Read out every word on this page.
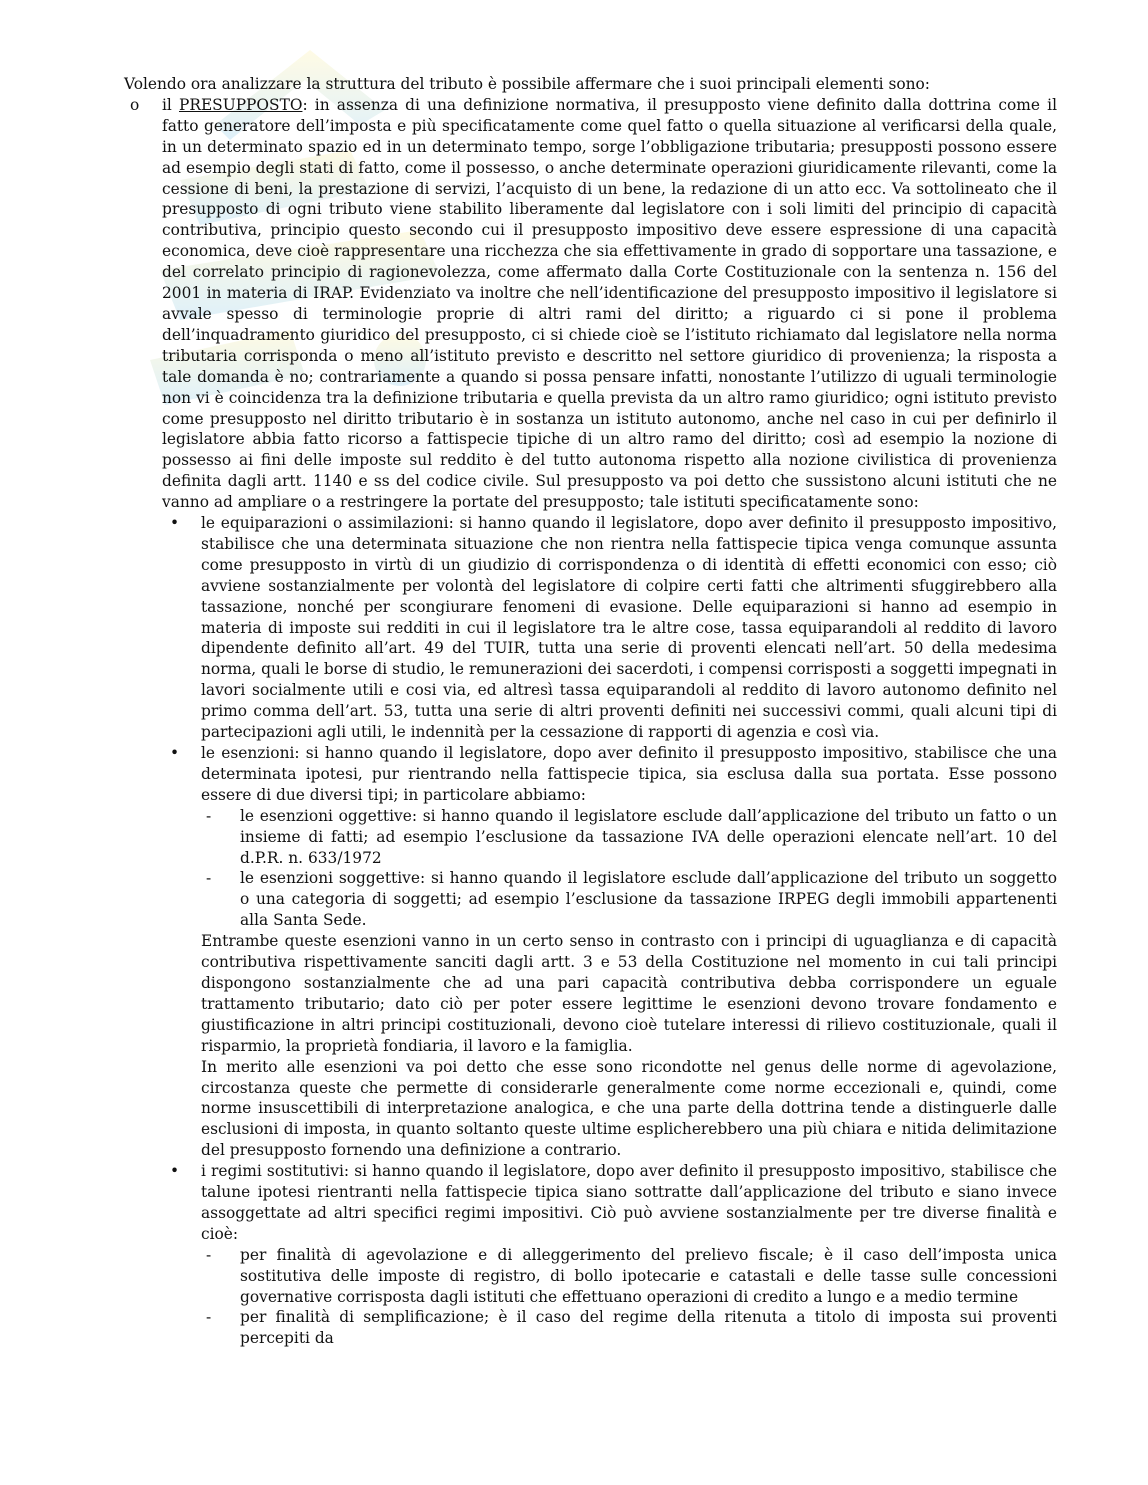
Volendo ora analizzare la struttura del tributo è possibile affermare che i suoi principali elementi sono:

o il PRESUPPOSTO: in assenza di una definizione normativa, il presupposto viene definito dalla dottrina come il fatto generatore dell’imposta e più specificatamente come quel fatto o quella situazione al verificarsi della quale, in un determinato spazio ed in un determinato tempo, sorge l’obbligazione tributaria; presupposti possono essere ad esempio degli stati di fatto, come il possesso, o anche determinate operazioni giuridicamente rilevanti, come la cessione di beni, la prestazione di servizi, l’acquisto di un bene, la redazione di un atto ecc. Va sottolineato che il presupposto di ogni tributo viene stabilito liberamente dal legislatore con i soli limiti del principio di capacità contributiva, principio questo secondo cui il presupposto impositivo deve essere espressione di una capacità economica, deve cioè rappresentare una ricchezza che sia effettivamente in grado di sopportare una tassazione, e del correlato principio di ragionevolezza, come affermato dalla Corte Costituzionale con la sentenza n. 156 del 2001 in materia di IRAP. Evidenziato va inoltre che nell’identificazione del presupposto impositivo il legislatore si avvale spesso di terminologie proprie di altri rami del diritto; a riguardo ci si pone il problema dell’inquadramento giuridico del presupposto, ci si chiede cioè se l’istituto richiamato dal legislatore nella norma tributaria corrisponda o meno all’istituto previsto e descritto nel settore giuridico di provenienza; la risposta a tale domanda è no; contrariamente a quando si possa pensare infatti, nonostante l’utilizzo di uguali terminologie non vi è coincidenza tra la definizione tributaria e quella prevista da un altro ramo giuridico; ogni istituto previsto come presupposto nel diritto tributario è in sostanza un istituto autonomo, anche nel caso in cui per definirlo il legislatore abbia fatto ricorso a fattispecie tipiche di un altro ramo del diritto; così ad esempio la nozione di possesso ai fini delle imposte sul reddito è del tutto autonoma rispetto alla nozione civilistica di provenienza definita dagli artt. 1140 e ss del codice civile. Sul presupposto va poi detto che sussistono alcuni istituti che ne vanno ad ampliare o a restringere la portate del presupposto; tale istituti specificatamente sono:

• le equiparazioni o assimilazioni: si hanno quando il legislatore, dopo aver definito il presupposto impositivo, stabilisce che una determinata situazione che non rientra nella fattispecie tipica venga comunque assunta come presupposto in virtù di un giudizio di corrispondenza o di identità di effetti economici con esso; ciò avviene sostanzialmente per volontà del legislatore di colpire certi fatti che altrimenti sfuggirebbero alla tassazione, nonché per scongiurare fenomeni di evasione. Delle equiparazioni si hanno ad esempio in materia di imposte sui redditi in cui il legislatore tra le altre cose, tassa equiparandoli al reddito di lavoro dipendente definito all’art. 49 del TUIR, tutta una serie di proventi elencati nell’art. 50 della medesima norma, quali le borse di studio, le remunerazioni dei sacerdoti, i compensi corrisposti a soggetti impegnati in lavori socialmente utili e cosi via, ed altresì tassa equiparandoli al reddito di lavoro autonomo definito nel primo comma dell’art. 53, tutta una serie di altri proventi definiti nei successivi commi, quali alcuni tipi di partecipazioni agli utili, le indennità per la cessazione di rapporti di agenzia e così via.

• le esenzioni: si hanno quando il legislatore, dopo aver definito il presupposto impositivo, stabilisce che una determinata ipotesi, pur rientrando nella fattispecie tipica, sia esclusa dalla sua portata. Esse possono essere di due diversi tipi; in particolare abbiamo:

- le esenzioni oggettive: si hanno quando il legislatore esclude dall’applicazione del tributo un fatto o un insieme di fatti; ad esempio l’esclusione da tassazione IVA delle operazioni elencate nell’art. 10 del d.P.R. n. 633/1972

- le esenzioni soggettive: si hanno quando il legislatore esclude dall’applicazione del tributo un soggetto o una categoria di soggetti; ad esempio l’esclusione da tassazione IRPEG degli immobili appartenenti alla Santa Sede.

Entrambe queste esenzioni vanno in un certo senso in contrasto con i principi di uguaglianza e di capacità contributiva rispettivamente sanciti dagli artt. 3 e 53 della Costituzione nel momento in cui tali principi dispongono sostanzialmente che ad una pari capacità contributiva debba corrispondere un eguale trattamento tributario; dato ciò per poter essere legittime le esenzioni devono trovare fondamento e giustificazione in altri principi costituzionali, devono cioè tutelare interessi di rilievo costituzionale, quali il risparmio, la proprietà fondiaria, il lavoro e la famiglia.

In merito alle esenzioni va poi detto che esse sono ricondotte nel genus delle norme di agevolazione, circostanza queste che permette di considerarle generalmente come norme eccezionali e, quindi, come norme insuscettibili di interpretazione analogica, e che una parte della dottrina tende a distinguerle dalle esclusioni di imposta, in quanto soltanto queste ultime esplicherebbero una più chiara e nitida delimitazione del presupposto fornendo una definizione a contrario.

• i regimi sostitutivi: si hanno quando il legislatore, dopo aver definito il presupposto impositivo, stabilisce che talune ipotesi rientranti nella fattispecie tipica siano sottratte dall’applicazione del tributo e siano invece assoggettate ad altri specifici regimi impositivi. Ciò può avviene sostanzialmente per tre diverse finalità e cioè:

- per finalità di agevolazione e di alleggerimento del prelievo fiscale; è il caso dell’imposta unica sostitutiva delle imposte di registro, di bollo ipotecarie e catastali e delle tasse sulle concessioni governative corrisposta dagli istituti che effettuano operazioni di credito a lungo e a medio termine

- per finalità di semplificazione; è il caso del regime della ritenuta a titolo di imposta sui proventi percepiti da
